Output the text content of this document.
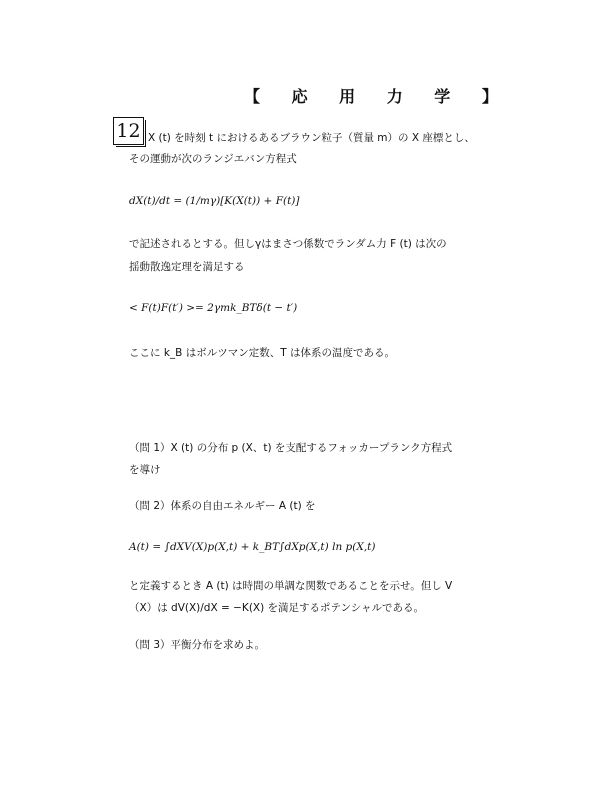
【 応 用 力 学 】
12 X (t) を時刻 t におけるあるブラウン粒子（質量 m）の X 座標とし、
その運動が次のランジエバン方程式
dX(t)/dt = (1/mγ)[K(X(t)) + F(t)]
で記述されるとする。但しγはまさつ係数でランダム力 F (t) は次の
揺動散逸定理を満足する
< F(t)F(t′) >= 2γmk_BTδ(t − t′)
ここに k_B はボルツマン定数、T は体系の温度である。
（問 1）X (t) の分布 p (X、t) を支配するフォッカープランク方程式
を導け
（問 2）体系の自由エネルギー A (t) を
A(t) = ∫dXV(X)p(X,t) + k_BT∫dXp(X,t) ln p(X,t)
と定義するとき A (t) は時間の単調な関数であることを示せ。但し V
（X）は dV(X)/dX = −K(X) を満足するポテンシャルである。
（問 3）平衡分布を求めよ。
